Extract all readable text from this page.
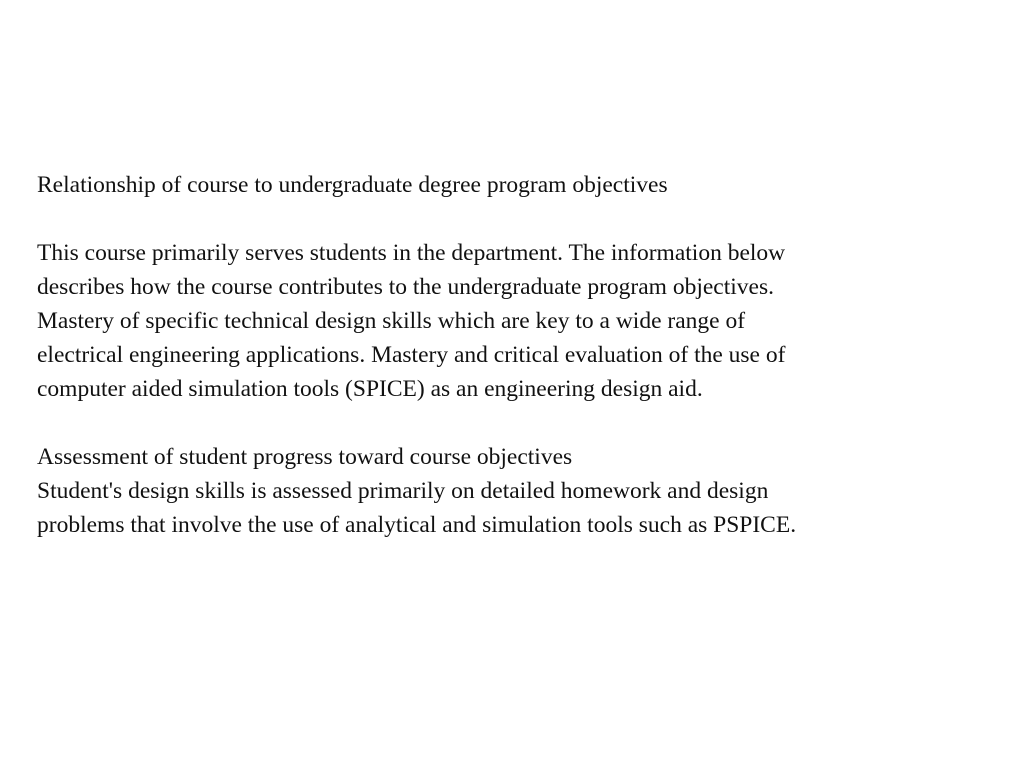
Relationship of course to undergraduate degree program objectives

This course primarily serves students in the department. The information below

describes how the course contributes to the undergraduate program objectives.

Mastery of specific technical design skills which are key to a wide range of

electrical engineering applications. Mastery and critical evaluation of the use of

computer aided simulation tools (SPICE) as an engineering design aid.

Assessment of student progress toward course objectives

Student's design skills is assessed primarily on detailed homework and design

problems that involve the use of analytical and simulation tools such as PSPICE.
